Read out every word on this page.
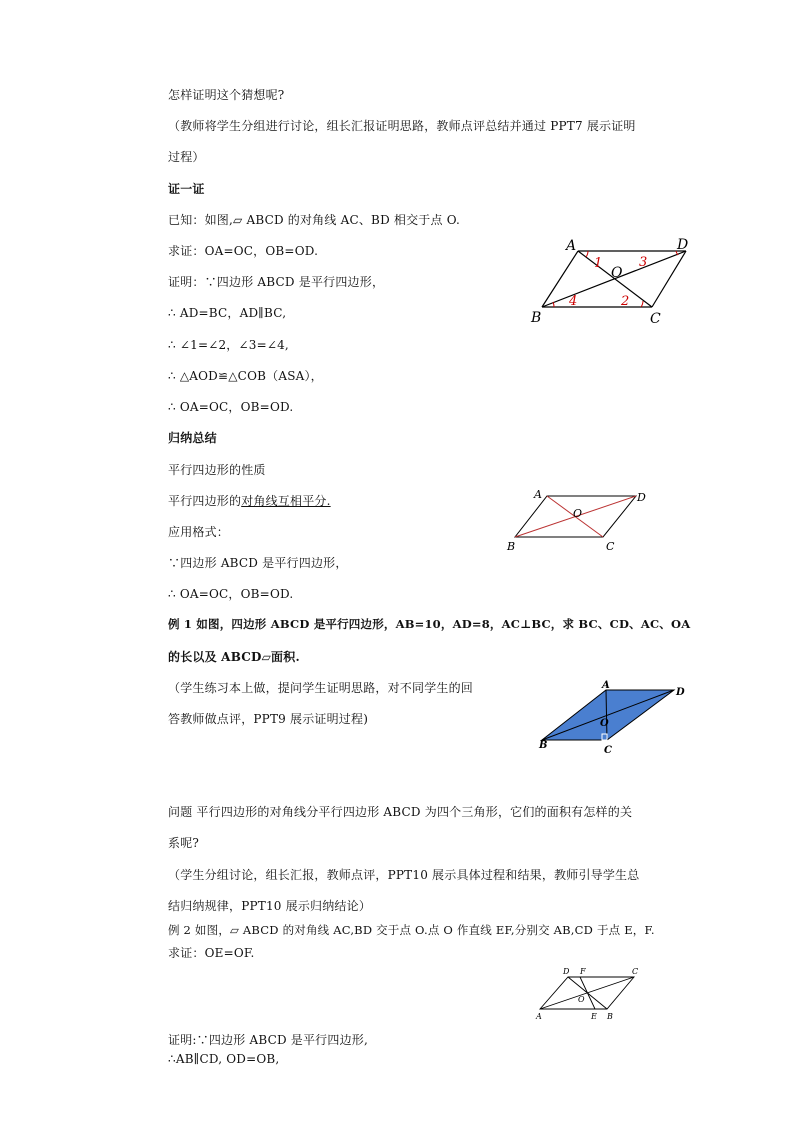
怎样证明这个猜想呢?
（教师将学生分组进行讨论，组长汇报证明思路，教师点评总结并通过 PPT7 展示证明
过程）
证一证
已知：如图,▱ ABCD 的对角线 AC、BD 相交于点 O.
求证：OA=OC，OB=OD.
证明：∵四边形 ABCD 是平行四边形，
∴ AD=BC，AD∥BC,
∴ ∠1=∠2，∠3=∠4,
∴ △AOD≌△COB（ASA），
∴ OA=OC，OB=OD.
归纳总结
平行四边形的性质
平行四边形的对角线互相平分.
应用格式：
∵四边形 ABCD 是平行四边形，
∴ OA=OC，OB=OD.
例 1 如图，四边形 ABCD 是平行四边形，AB=10，AD=8，AC⊥BC，求 BC、CD、AC、OA
的长以及 ABCD▱面积.
（学生练习本上做，提问学生证明思路，对不同学生的回
答教师做点评，PPT9 展示证明过程)
问题 平行四边形的对角线分平行四边形 ABCD 为四个三角形，它们的面积有怎样的关
系呢?
（学生分组讨论，组长汇报，教师点评，PPT10 展示具体过程和结果，教师引导学生总
结归纳规律，PPT10 展示归纳结论）
例 2 如图，▱ ABCD 的对角线 AC,BD 交于点 O.点 O 作直线 EF,分别交 AB,CD 于点 E，F.
求证：OE=OF.
证明:∵四边形 ABCD 是平行四边形,
∴AB∥CD, OD=OB,
A	D
B	C
O
1
2
3
4
A	D
B	C
O
A
D
B	C
O
D F	C
A	E B
O
